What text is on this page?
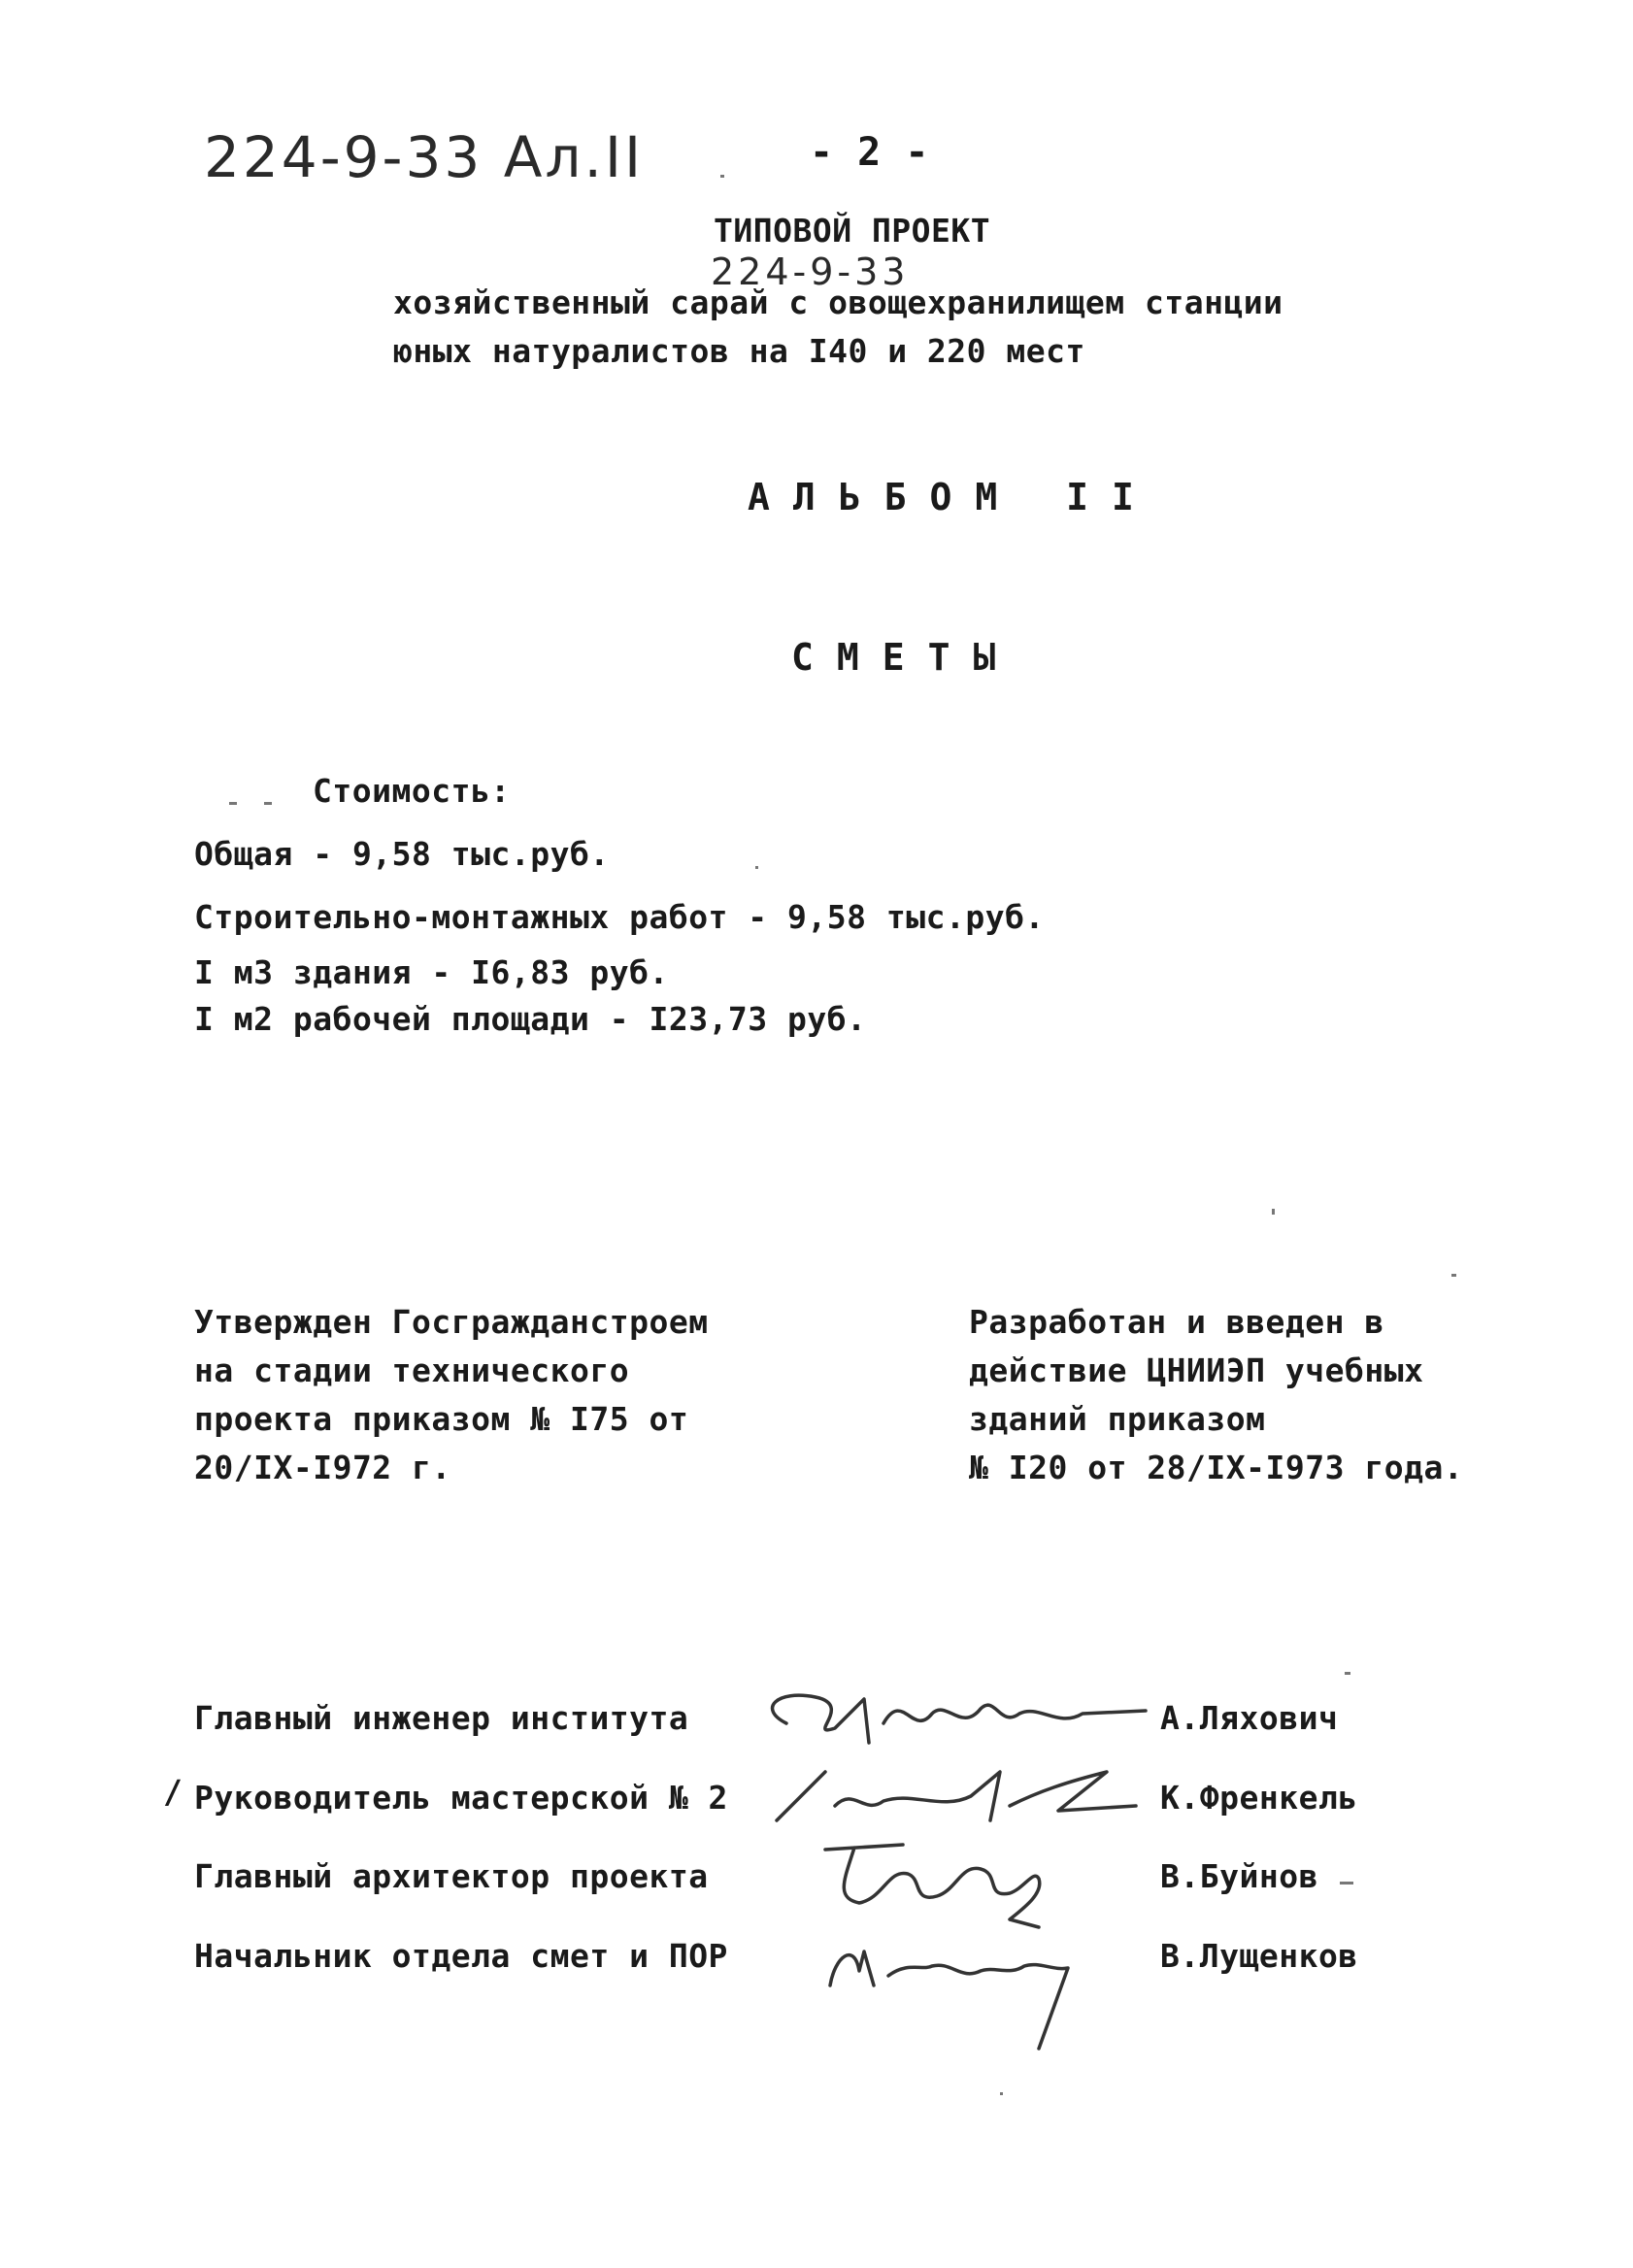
224-9-33 Ал.II	- 2 -
ТИПОВОЙ ПРОЕКТ
224-9-33
хозяйственный сарай с овощехранилищем станции
юных натуралистов на I40 и 220 мест
АЛЬБОМ II
СМЕТЫ
Стоимость:
Общая - 9,58 тыс.руб.
Строительно-монтажных работ - 9,58 тыс.руб.
I м3 здания - I6,83 руб.
I м2 рабочей площади - I23,73 руб.
Утвержден Госгражданстроем
на стадии технического
проекта приказом № I75 от
20/IX-I972 г.
Разработан и введен в
действие ЦНИИЭП учебных
зданий приказом
№ I20 от 28/IX-I973 года.
Главный инженер института	А.Ляхович
/ Руководитель мастерской № 2	К.Френкель
Главный архитектор проекта	В.Буйнов
Начальник отдела смет и ПОР	В.Лущенков
